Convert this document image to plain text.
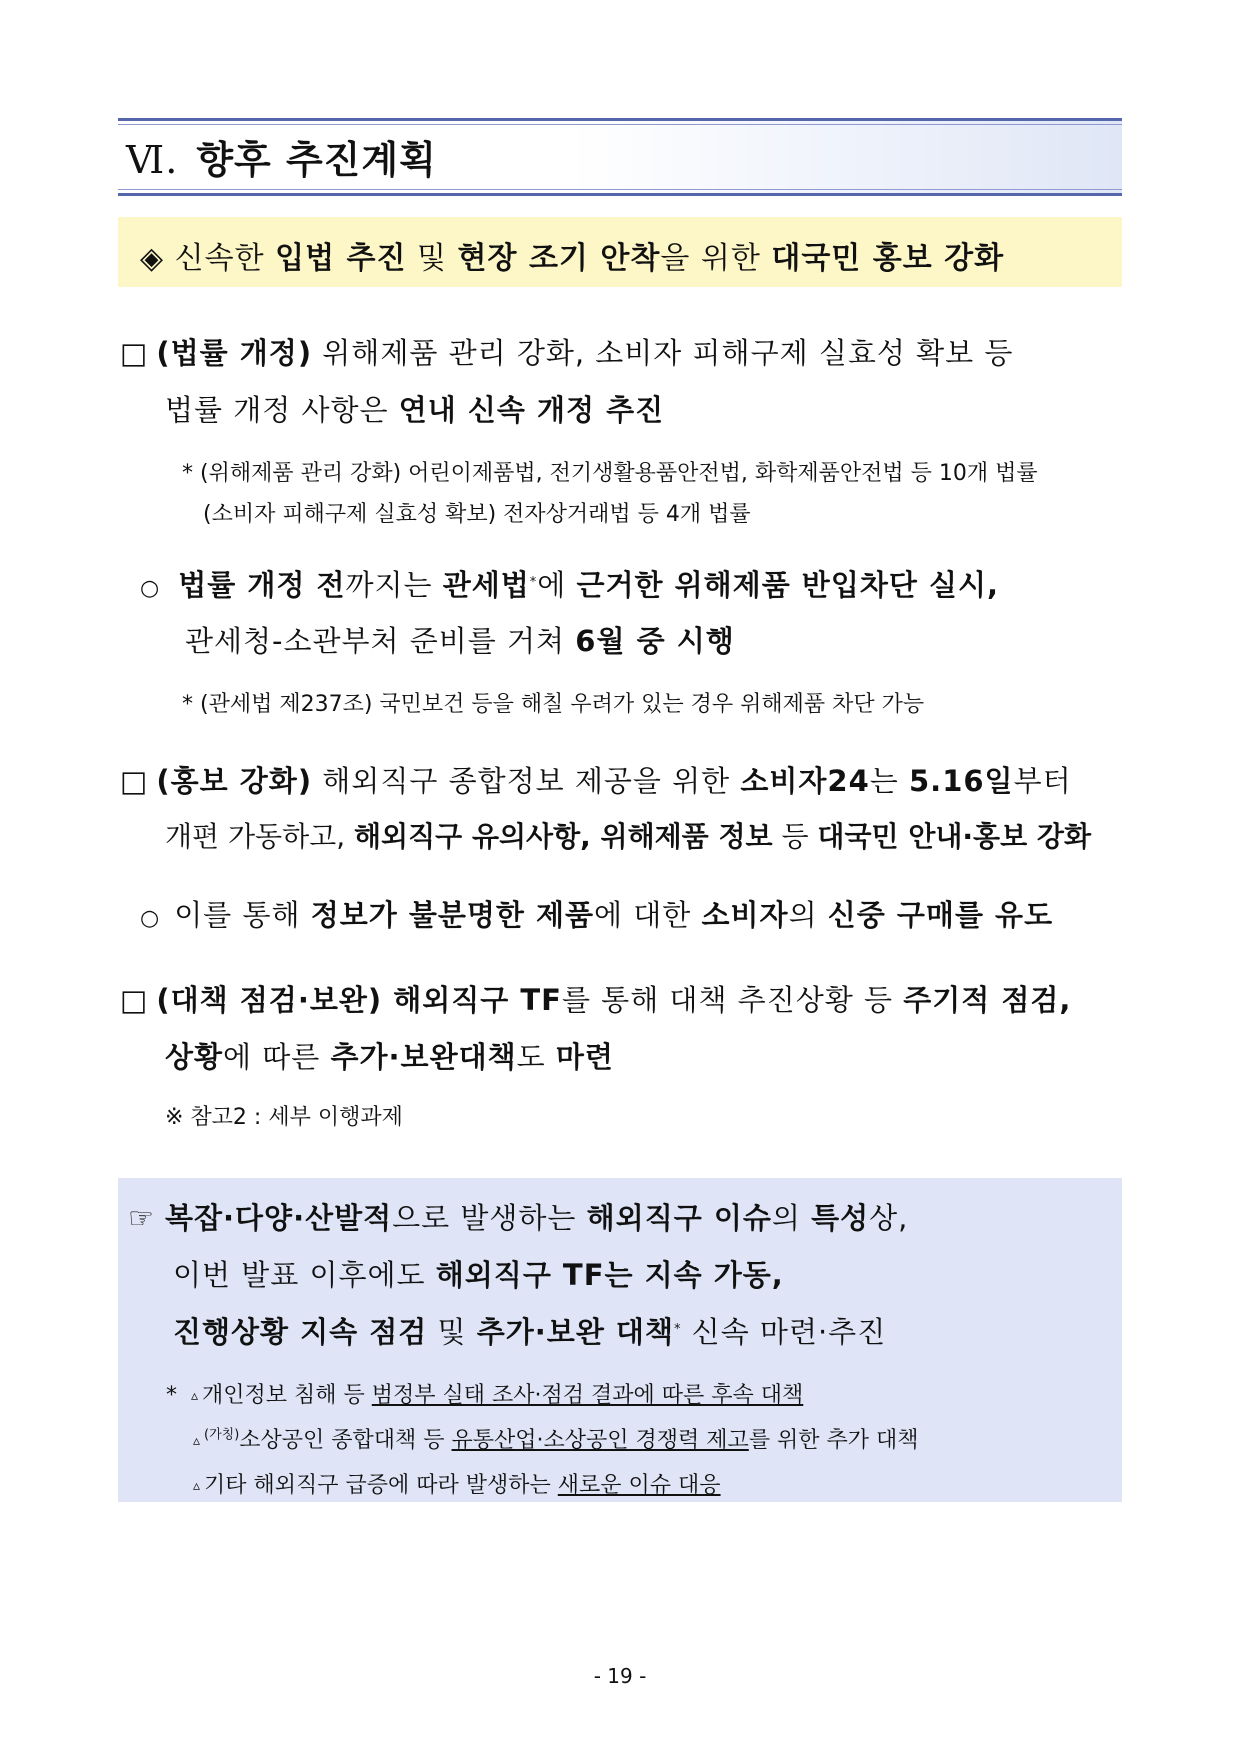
Ⅵ. 향후 추진계획
◈ 신속한 입법 추진 및 현장 조기 안착을 위한 대국민 홍보 강화
□ (법률 개정) 위해제품 관리 강화, 소비자 피해구제 실효성 확보 등
법률 개정 사항은 연내 신속 개정 추진
* (위해제품 관리 강화) 어린이제품법, 전기생활용품안전법, 화학제품안전법 등 10개 법률
(소비자 피해구제 실효성 확보) 전자상거래법 등 4개 법률
○ 법률 개정 전까지는 관세법*에 근거한 위해제품 반입차단 실시,
관세청-소관부처 준비를 거쳐 6월 중 시행
* (관세법 제237조) 국민보건 등을 해칠 우려가 있는 경우 위해제품 차단 가능
□ (홍보 강화) 해외직구 종합정보 제공을 위한 소비자24는 5.16일부터
개편 가동하고, 해외직구 유의사항, 위해제품 정보 등 대국민 안내·홍보 강화
○ 이를 통해 정보가 불분명한 제품에 대한 소비자의 신중 구매를 유도
□ (대책 점검·보완) 해외직구 TF를 통해 대책 추진상황 등 주기적 점검,
상황에 따른 추가·보완대책도 마련
※ 참고2 : 세부 이행과제
☞ 복잡·다양·산발적으로 발생하는 해외직구 이슈의 특성상,
이번 발표 이후에도 해외직구 TF는 지속 가동,
진행상황 지속 점검 및 추가·보완 대책* 신속 마련·추진
* ▵ 개인정보 침해 등 범정부 실태 조사·점검 결과에 따른 후속 대책
▵ $^{(가칭)}$소상공인 종합대책 등 유통산업·소상공인 경쟁력 제고를 위한 추가 대책
▵ 기타 해외직구 급증에 따라 발생하는 새로운 이슈 대응
- 19 -
